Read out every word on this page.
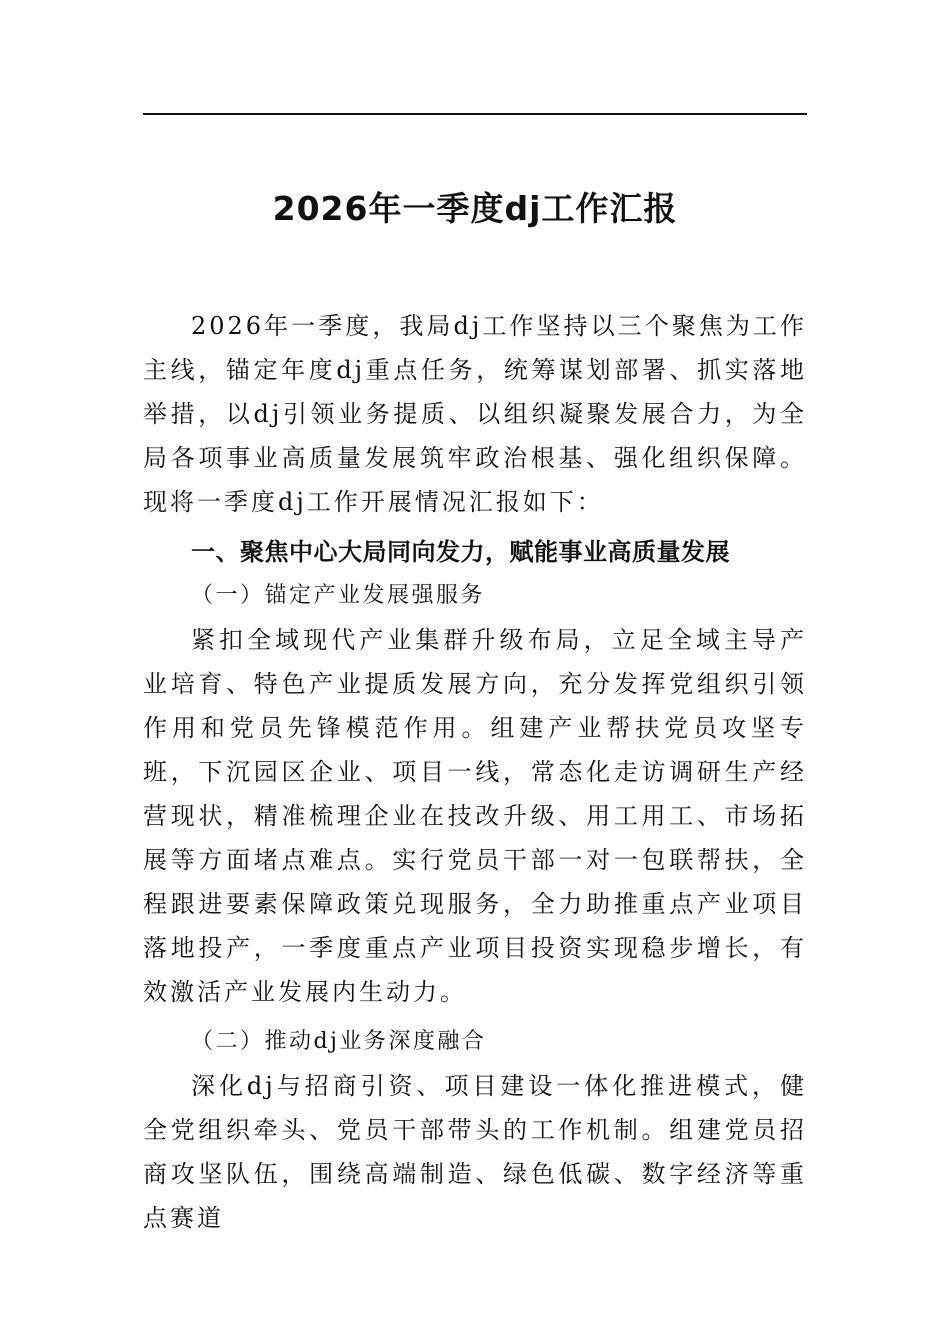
2026年一季度dj工作汇报

2026年一季度，我局dj工作坚持以三个聚焦为工作主线，锚定年度dj重点任务，统筹谋划部署、抓实落地举措，以dj引领业务提质、以组织凝聚发展合力，为全局各项事业高质量发展筑牢政治根基、强化组织保障。现将一季度dj工作开展情况汇报如下：

一、聚焦中心大局同向发力，赋能事业高质量发展

（一）锚定产业发展强服务

紧扣全域现代产业集群升级布局，立足全域主导产业培育、特色产业提质发展方向，充分发挥党组织引领作用和党员先锋模范作用。组建产业帮扶党员攻坚专班，下沉园区企业、项目一线，常态化走访调研生产经营现状，精准梳理企业在技改升级、用工用工、市场拓展等方面堵点难点。实行党员干部一对一包联帮扶，全程跟进要素保障政策兑现服务，全力助推重点产业项目落地投产，一季度重点产业项目投资实现稳步增长，有效激活产业发展内生动力。

（二）推动dj业务深度融合

深化dj与招商引资、项目建设一体化推进模式，健全党组织牵头、党员干部带头的工作机制。组建党员招商攻坚队伍，围绕高端制造、绿色低碳、数字经济等重点赛道
